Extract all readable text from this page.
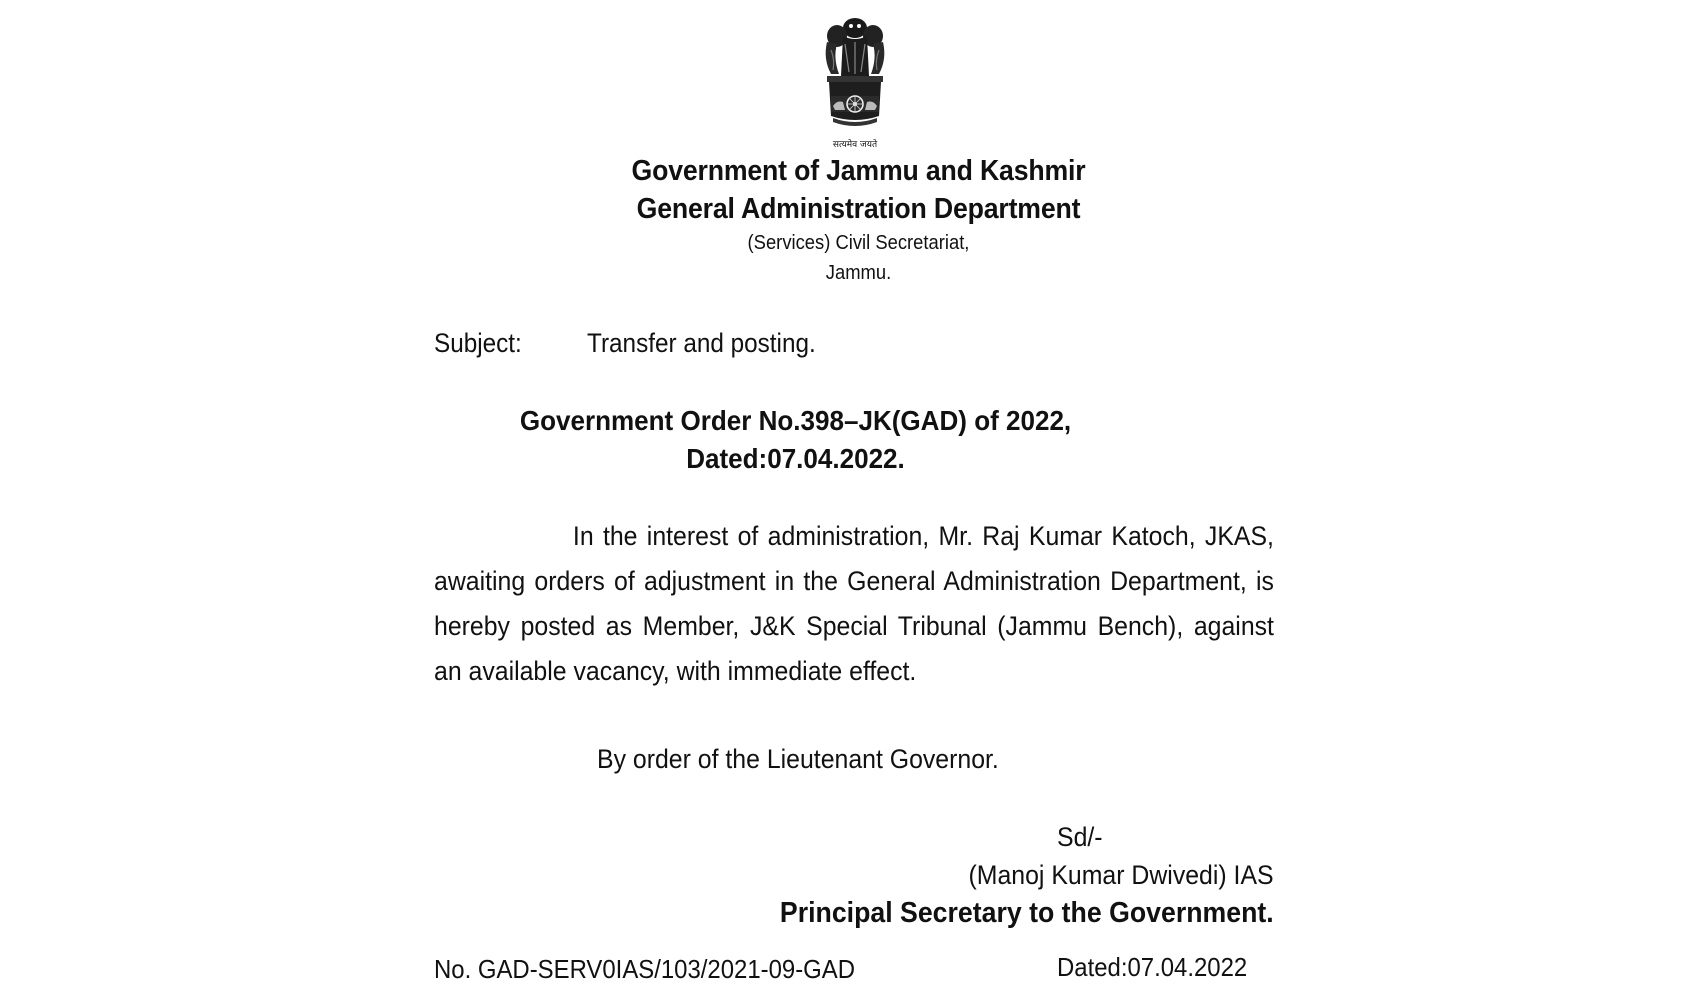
सत्यमेव जयते
Government of Jammu and Kashmir
General Administration Department
(Services) Civil Secretariat,
Jammu.
Subject: Transfer and posting.
Government Order No.398–JK(GAD) of 2022,
Dated:07.04.2022.
In the interest of administration, Mr. Raj Kumar Katoch, JKAS, awaiting orders of adjustment in the General Administration Department, is hereby posted as Member, J&K Special Tribunal (Jammu Bench), against an available vacancy, with immediate effect.
By order of the Lieutenant Governor.
Sd/-
(Manoj Kumar Dwivedi) IAS
Principal Secretary to the Government.
No. GAD-SERV0IAS/103/2021-09-GAD	Dated:07.04.2022
